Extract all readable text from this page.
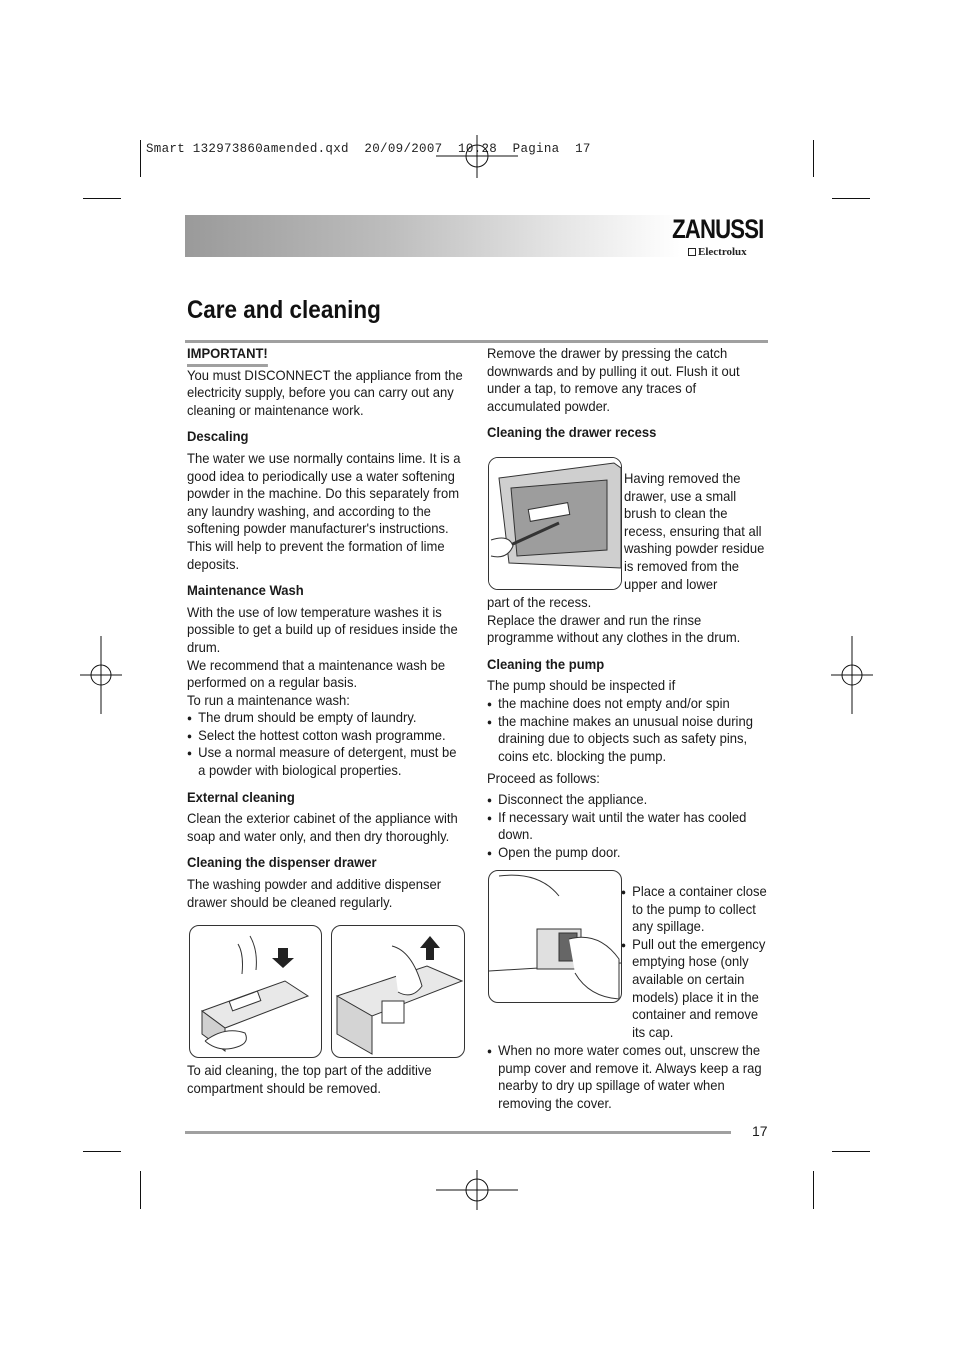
Smart 132973860amended.qxd  20/09/2007  10.28  Pagina  17
ZANUSSI
Electrolux
Care and cleaning
IMPORTANT!

You must DISCONNECT the appliance from the electricity supply, before you can carry out any cleaning or maintenance work.

Descaling

The water we use normally contains lime. It is a good idea to periodically use a water softening powder in the machine. Do this separately from any laundry washing, and according to the softening powder manufacturer's instructions. This will help to prevent the formation of lime deposits.

Maintenance Wash

With the use of low temperature washes it is possible to get a build up of residues inside the drum.

We recommend that a maintenance wash be performed on a regular basis.

To run a maintenance wash:

● The drum should be empty of laundry.
● Select the hottest cotton wash programme.
● Use a normal measure of detergent, must be a powder with biological properties.
External cleaning

Clean the exterior cabinet of the appliance with soap and water only, and then dry thoroughly.

Cleaning the dispenser drawer

The washing powder and additive dispenser drawer should be cleaned regularly.

To aid cleaning, the top part of the additive compartment should be removed.

Remove the drawer by pressing the catch downwards and by pulling it out. Flush it out under a tap, to remove any traces of accumulated powder.

Cleaning the drawer recess
Having removed the drawer, use a small brush to clean the recess, ensuring that all washing powder residue is removed from the upper and lower

part of the recess.

Replace the drawer and run the rinse programme without any clothes in the drum.

Cleaning the pump

The pump should be inspected if

● the machine does not empty and/or spin
● the machine makes an unusual noise during draining due to objects such as safety pins, coins etc. blocking the pump.

Proceed as follows:

● Disconnect the appliance.
● If necessary wait until the water has cooled down.
● Open the pump door.
● Place a container close to the pump to collect any spillage.
● Pull out the emergency emptying hose (only available on certain models) place it in the container and remove its cap.
● When no more water comes out, unscrew the pump cover and remove it. Always keep a rag nearby to dry up spillage of water when removing the cover.
17
